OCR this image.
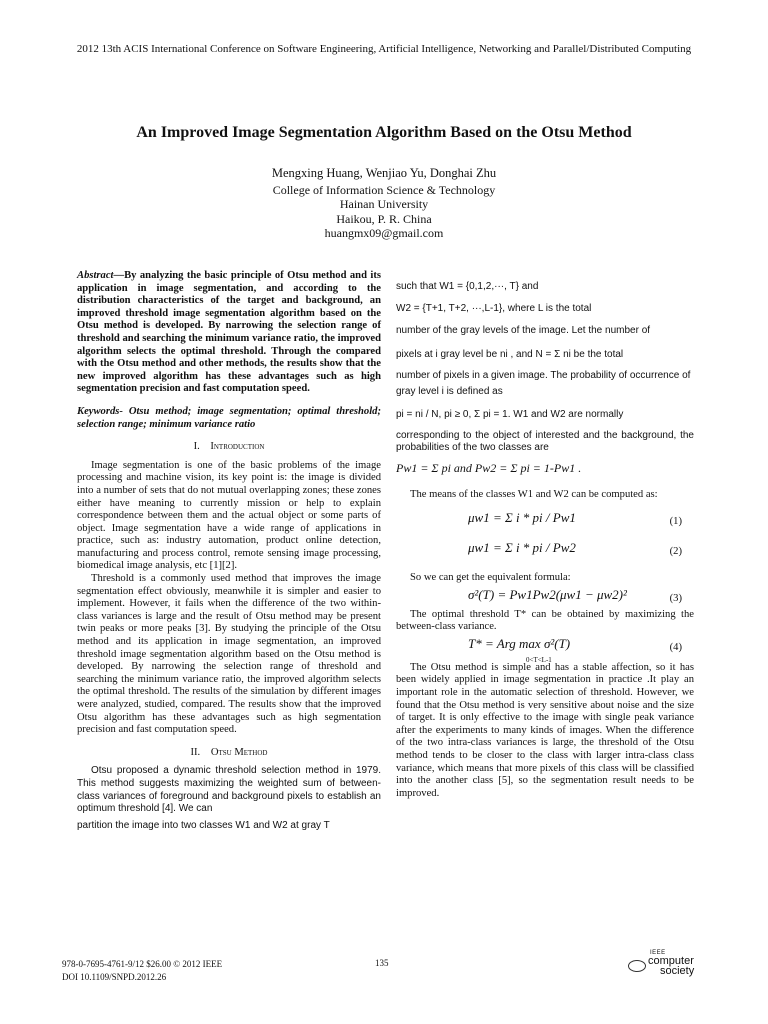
2012 13th ACIS International Conference on Software Engineering, Artificial Intelligence, Networking and Parallel/Distributed Computing
An Improved Image Segmentation Algorithm Based on the Otsu Method
Mengxing Huang, Wenjiao Yu, Donghai Zhu
College of Information Science & Technology
Hainan University
Haikou, P. R. China
huangmx09@gmail.com

Abstract—By analyzing the basic principle of Otsu method and its application in image segmentation, and according to the distribution characteristics of the target and background, an improved threshold image segmentation algorithm based on the Otsu method is developed. By narrowing the selection range of threshold and searching the minimum variance ratio, the improved algorithm selects the optimal threshold. Through the compared with the Otsu method and other methods, the results show that the new improved algorithm has these advantages such as high segmentation precision and fast computation speed.

Keywords- Otsu method; image segmentation; optimal threshold; selection range; minimum variance ratio

I. Introduction

Image segmentation is one of the basic problems of the image processing and machine vision, its key point is: the image is divided into a number of sets that do not mutual overlapping zones; these zones either have meaning to currently mission or help to explain correspondence between them and the actual object or some parts of object. Image segmentation have a wide range of applications in practice, such as: industry automation, product online detection, manufacturing and process control, remote sensing image processing, biomedical image analysis, etc [1][2].

Threshold is a commonly used method that improves the image segmentation effect obviously, meanwhile it is simpler and easier to implement. However, it fails when the difference of the two within-class variances is large and the result of Otsu method may be present twin peaks or more peaks [3]. By studying the principle of the Otsu method and its application in image segmentation, an improved threshold image segmentation algorithm based on the Otsu method is developed. By narrowing the selection range of threshold and searching the minimum variance ratio, the improved algorithm selects the optimal threshold. The results of the simulation by different images were analyzed, studied, compared. The results show that the improved Otsu algorithm has these advantages such as high segmentation precision and fast computation speed.

II. Otsu Method

Otsu proposed a dynamic threshold selection method in 1979. This method suggests maximizing the weighted sum of between-class variances of foreground and background pixels to establish an optimum threshold [4]. We can

partition the image into two classes W1 and W2 at gray T

such that W1 = {0,1,2,···, T} and

W2 = {T+1, T+2, ···,L-1}, where L is the total

number of the gray levels of the image. Let the number of

pixels at i gray level be ni , and N = Σ ni be the total

number of pixels in a given image. The probability of occurrence of gray level i is defined as

pi = ni / N, pi ≥ 0, Σ pi = 1. W1 and W2 are normally

corresponding to the object of interested and the background, the probabilities of the two classes are

Pw1 = Σ pi and Pw2 = Σ pi = 1-Pw1 .

The means of the classes W1 and W2 can be computed as:

μw1 = Σ i * pi / Pw1	(1)
μw1 = Σ i * pi / Pw2	(2)

So we can get the equivalent formula:

σ²(T) = Pw1Pw2(μw1 − μw2)²	(3)

The optimal threshold T* can be obtained by maximizing the between-class variance.

T* = Arg max σ²(T)
0<T<L-1
(4)

The Otsu method is simple and has a stable affection, so it has been widely applied in image segmentation in practice .It play an important role in the automatic selection of threshold. However, we found that the Otsu method is very sensitive about noise and the size of target. It is only effective to the image with single peak variance after the experiments to many kinds of images. When the difference of the two intra-class variances is large, the threshold of the Otsu method tends to be closer to the class with larger intra-class class variance, which means that more pixels of this class will be classified into the another class [5], so the segmentation result needs to be improved.

978-0-7695-4761-9/12 $26.00 © 2012 IEEE
DOI 10.1109/SNPD.2012.26
135
IEEE
computer
society
